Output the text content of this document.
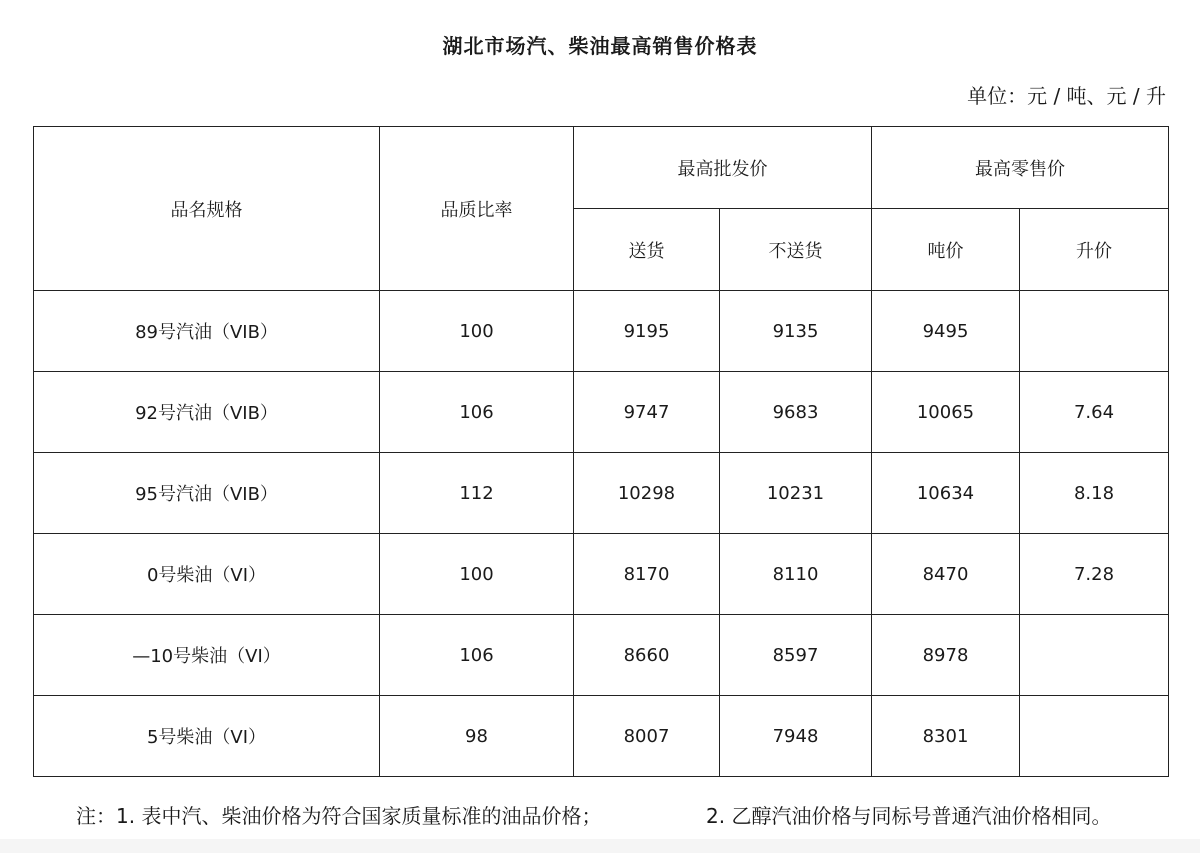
湖北市场汽、柴油最高销售价格表
单位：元 / 吨、元 / 升
品名规格	品质比率	最高批发价		最高零售价	
		送货	不送货	吨价	升价
89号汽油（VIB）	100	9195	9135	9495	
92号汽油（VIB）	106	9747	9683	10065	7.64
95号汽油（VIB）	112	10298	10231	10634	8.18
0号柴油（VI）	100	8170	8110	8470	7.28
—10号柴油（VI）	106	8660	8597	8978	
5号柴油（VI）	98	8007	7948	8301	
注：1. 表中汽、柴油价格为符合国家质量标准的油品价格；	2. 乙醇汽油价格与同标号普通汽油价格相同。
